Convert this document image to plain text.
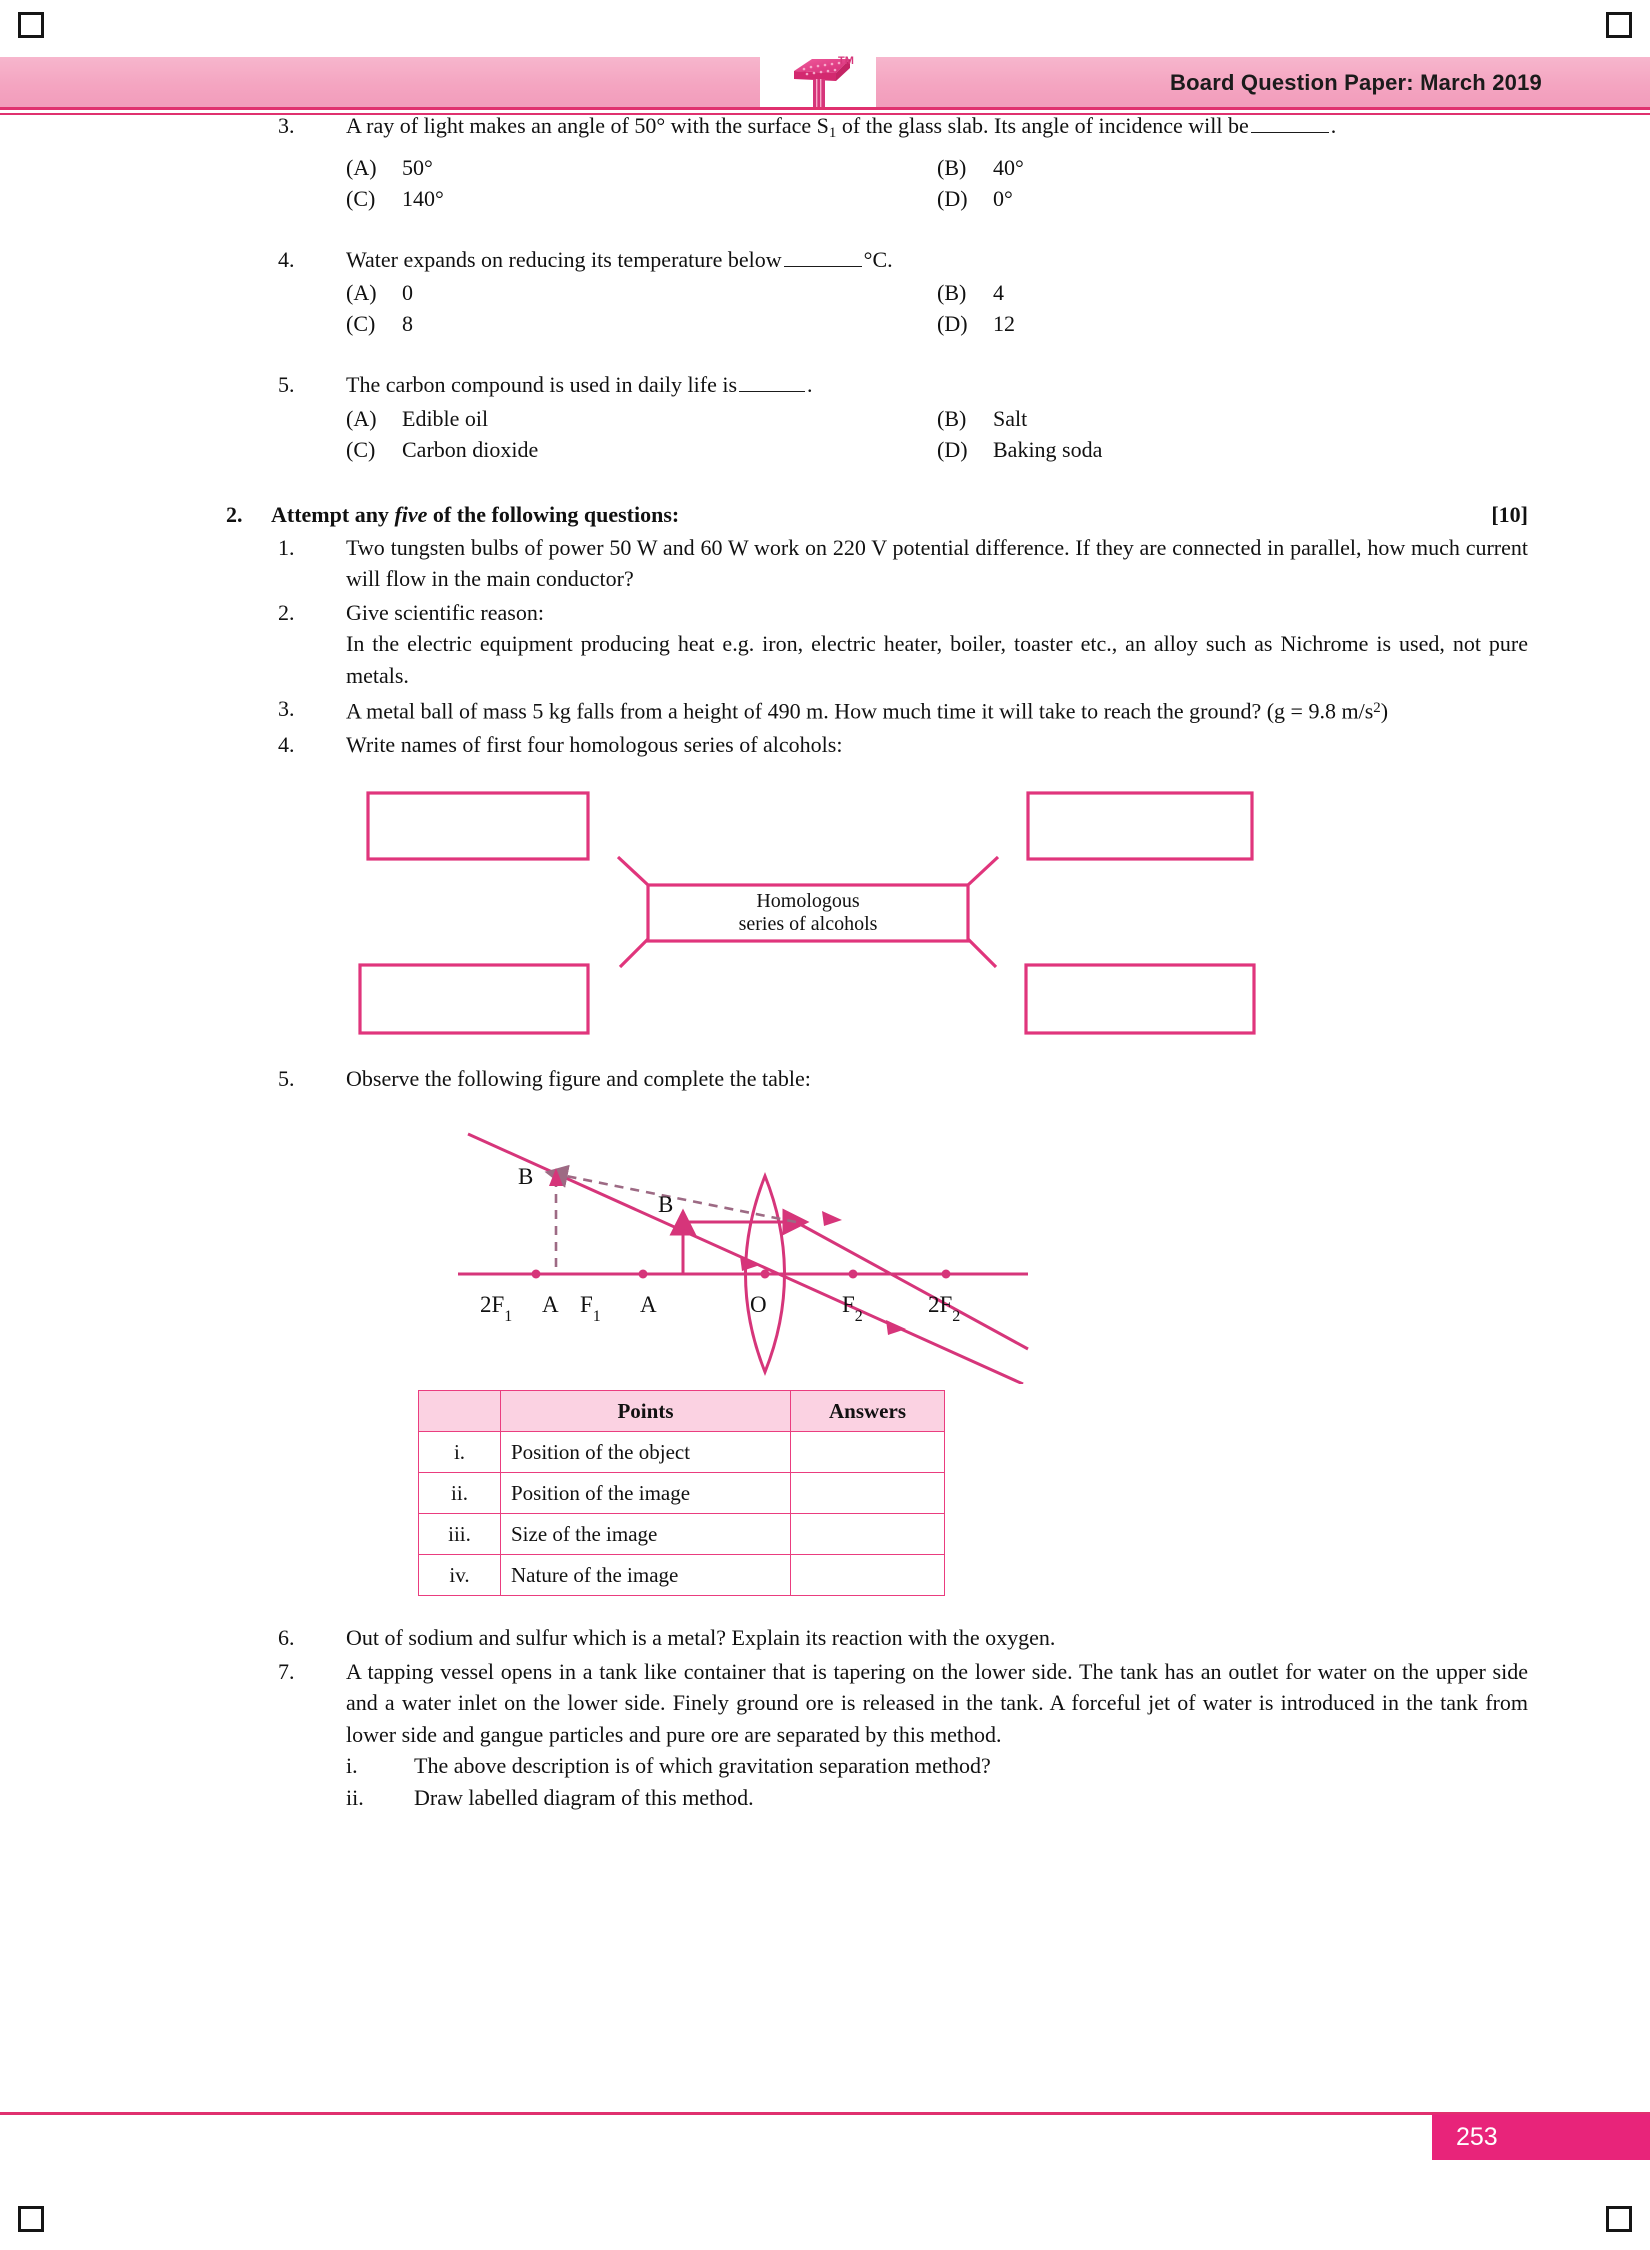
TM
Board Question Paper: March 2019
3.	A ray of light makes an angle of 50° with the surface $S_1$ of the glass slab. Its angle of incidence will be	.
(A)	50°	(B)	40°
(C)	140°	(D)	0°
4.	Water expands on reducing its temperature below	°C.
(A)	0	(B)	4
(C)	8	(D)	12
5.	The carbon compound is used in daily life is	.
(A)	Edible oil	(B)	Salt
(C)	Carbon dioxide	(D)	Baking soda
2.	Attempt any five of the following questions:	[10]
1.	Two tungsten bulbs of power 50 W and 60 W work on 220 V potential difference. If they are connected in parallel, how much current will flow in the main conductor?
2.	Give scientific reason:
In the electric equipment producing heat e.g. iron, electric heater, boiler, toaster etc., an alloy such as Nichrome is used, not pure metals.
3.	A metal ball of mass 5 kg falls from a height of 490 m. How much time it will take to reach the ground? (g = 9.8 $m/s^2$)
4.	Write names of first four homologous series of alcohols:
Homologous
series of alcohols
5.	Observe the following figure and complete the table:
$2F_1$ A $F_1$ A	O	$F_2$	$2F_2$
B
B
	Points	Answers
i.	Position of the object	
ii.	Position of the image	
iii.	Size of the image	
iv.	Nature of the image	
6.	Out of sodium and sulfur which is a metal? Explain its reaction with the oxygen.
7.	A tapping vessel opens in a tank like container that is tapering on the lower side. The tank has an outlet for water on the upper side and a water inlet on the lower side. Finely ground ore is released in the tank. A forceful jet of water is introduced in the tank from lower side and gangue particles and pure ore are separated by this method.
i.	The above description is of which gravitation separation method?
ii.	Draw labelled diagram of this method.
253
